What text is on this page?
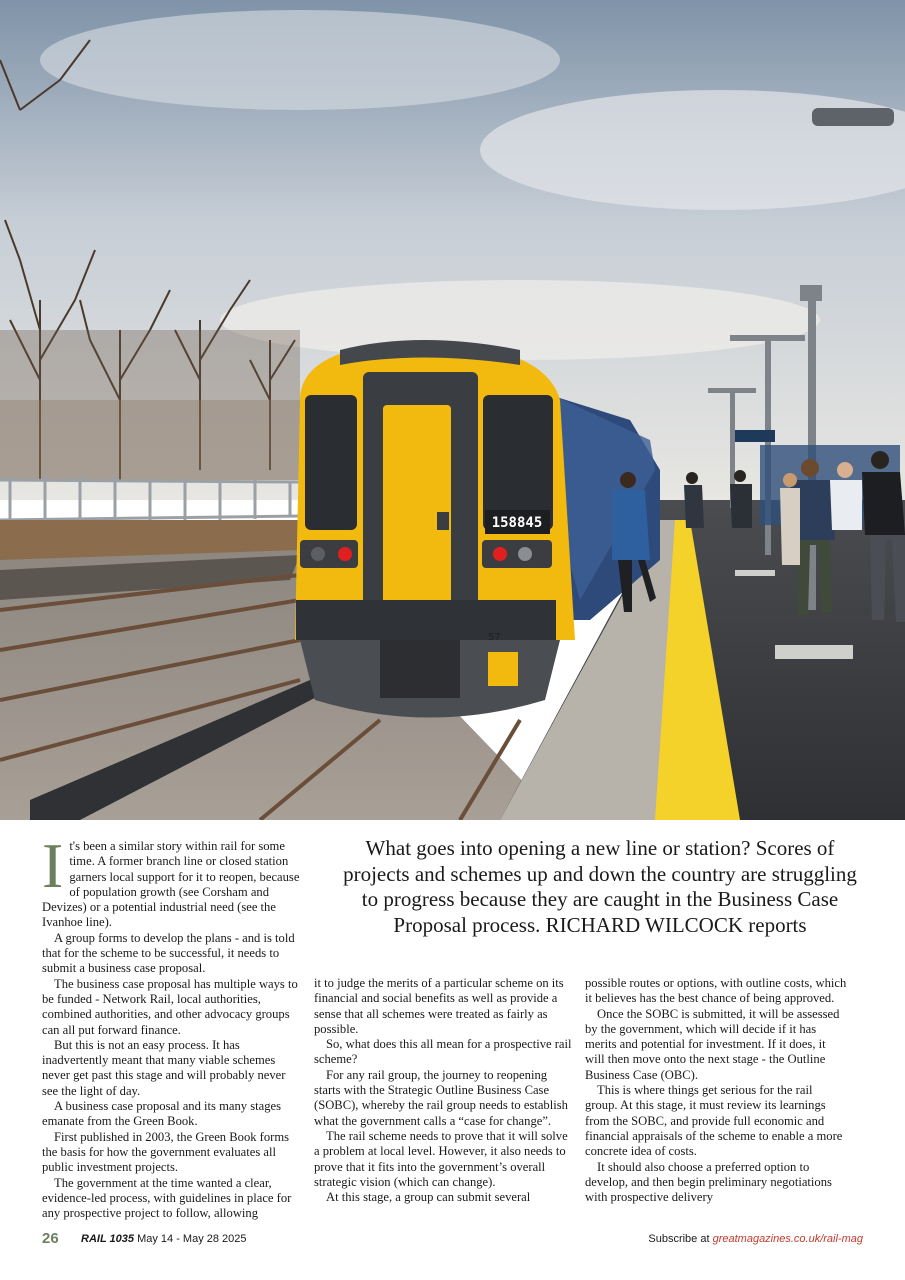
158845
57
What goes into opening a new line or station? Scores of projects and schemes up and down the country are struggling to progress because they are caught in the Business Case Proposal process. RICHARD WILCOCK reports
I t's been a similar story within rail for some time. A former branch line or closed station garners local support for it to reopen, because of population growth (see Corsham and Devizes) or a potential industrial need (see the Ivanhoe line).

A group forms to develop the plans - and is told that for the scheme to be successful, it needs to submit a business case proposal.

The business case proposal has multiple ways to be funded - Network Rail, local authorities, combined authorities, and other advocacy groups can all put forward finance.

But this is not an easy process. It has inadvertently meant that many viable schemes never get past this stage and will probably never see the light of day.

A business case proposal and its many stages emanate from the Green Book.

First published in 2003, the Green Book forms the basis for how the government evaluates all public investment projects.

The government at the time wanted a clear, evidence-led process, with guidelines in place for any prospective project to follow, allowing

it to judge the merits of a particular scheme on its financial and social benefits as well as provide a sense that all schemes were treated as fairly as possible.

So, what does this all mean for a prospective rail scheme?

For any rail group, the journey to reopening starts with the Strategic Outline Business Case (SOBC), whereby the rail group needs to establish what the government calls a “case for change”.

The rail scheme needs to prove that it will solve a problem at local level. However, it also needs to prove that it fits into the government’s overall strategic vision (which can change).

At this stage, a group can submit several

possible routes or options, with outline costs, which it believes has the best chance of being approved.

Once the SOBC is submitted, it will be assessed by the government, which will decide if it has merits and potential for investment. If it does, it will then move onto the next stage - the Outline Business Case (OBC).

This is where things get serious for the rail group. At this stage, it must review its learnings from the SOBC, and provide full economic and financial appraisals of the scheme to enable a more concrete idea of costs.

It should also choose a preferred option to develop, and then begin preliminary negotiations with prospective delivery

26 RAIL 1035 May 14 - May 28 2025	Subscribe at greatmagazines.co.uk/rail-mag
